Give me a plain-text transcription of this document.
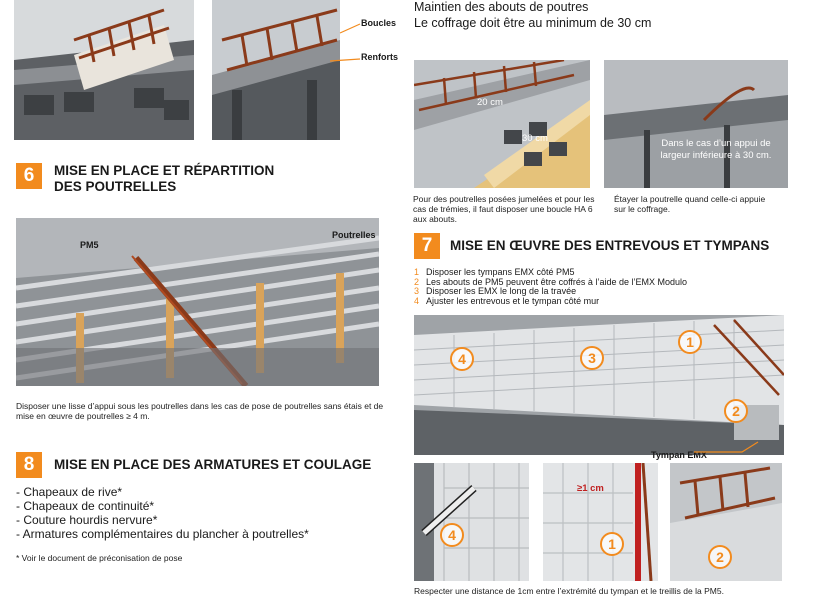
Boucles
Renforts
Maintien des abouts de poutres
Le coffrage doit être au minimum de 30 cm
20 cm
30 cm	Dans le cas d’un appui de largeur inférieure à 30 cm.
Pour des poutrelles posées jumelées et pour les cas de trémies, il faut disposer une boucle HA 6 aux abouts.
Étayer la poutrelle quand celle-ci appuie sur le coffrage.
6	MISE EN PLACE ET RÉPARTITION
DES POUTRELLES
PM5
Poutrelles
Disposer une lisse d’appui sous les poutrelles dans les cas de pose de poutrelles sans étais et de mise en œuvre de poutrelles ≥ 4 m.
8	MISE EN PLACE DES ARMATURES ET COULAGE
- Chapeaux de rive*
- Chapeaux de continuité*
- Couture hourdis nervure*
- Armatures complémentaires du plancher à poutrelles*
* Voir le document de préconisation de pose
7	MISE EN ŒUVRE DES ENTREVOUS ET TYMPANS
1 Disposer les tympans EMX côté PM5
2 Les abouts de PM5 peuvent être coffrés à l’aide de l’EMX Modulo
3 Disposer les EMX le long de la travée
4 Ajuster les entrevous et le tympan côté mur
4	3
1
2
Tympan EMX
4
≥1 cm
1
2
Respecter une distance de 1cm entre l’extrémité du tympan et le treillis de la PM5.
